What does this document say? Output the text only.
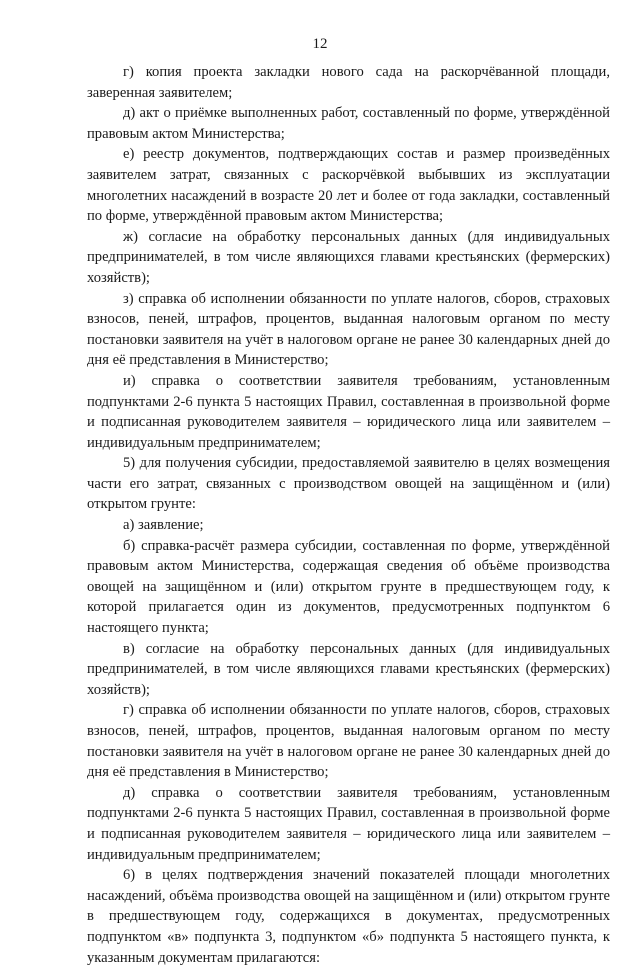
12

г) копия проекта закладки нового сада на раскорчёванной площади, заверенная заявителем;

д) акт о приёмке выполненных работ, составленный по форме, утверждённой правовым актом Министерства;

е) реестр документов, подтверждающих состав и размер произведённых заявителем затрат, связанных с раскорчёвкой выбывших из эксплуатации многолетних насаждений в возрасте 20 лет и более от года закладки, составленный по форме, утверждённой правовым актом Министерства;

ж) согласие на обработку персональных данных (для индивидуальных предпринимателей, в том числе являющихся главами крестьянских (фермерских) хозяйств);

з) справка об исполнении обязанности по уплате налогов, сборов, страховых взносов, пеней, штрафов, процентов, выданная налоговым органом по месту постановки заявителя на учёт в налоговом органе не ранее 30 календарных дней до дня её представления в Министерство;

и) справка о соответствии заявителя требованиям, установленным подпунктами 2-6 пункта 5 настоящих Правил, составленная в произвольной форме и подписанная руководителем заявителя – юридического лица или заявителем – индивидуальным предпринимателем;

5) для получения субсидии, предоставляемой заявителю в целях возмещения части его затрат, связанных с производством овощей на защищённом и (или) открытом грунте:

а) заявление;

б) справка-расчёт размера субсидии, составленная по форме, утверждённой правовым актом Министерства, содержащая сведения об объёме производства овощей на защищённом и (или) открытом грунте в предшествующем году, к которой прилагается один из документов, предусмотренных подпунктом 6 настоящего пункта;

в) согласие на обработку персональных данных (для индивидуальных предпринимателей, в том числе являющихся главами крестьянских (фермерских) хозяйств);

г) справка об исполнении обязанности по уплате налогов, сборов, страховых взносов, пеней, штрафов, процентов, выданная налоговым органом по месту постановки заявителя на учёт в налоговом органе не ранее 30 календарных дней до дня её представления в Министерство;

д) справка о соответствии заявителя требованиям, установленным подпунктами 2-6 пункта 5 настоящих Правил, составленная в произвольной форме и подписанная руководителем заявителя – юридического лица или заявителем – индивидуальным предпринимателем;

6) в целях подтверждения значений показателей площади многолетних насаждений, объёма производства овощей на защищённом и (или) открытом грунте в предшествующем году, содержащихся в документах, предусмотренных подпунктом «в» подпункта 3, подпунктом «б» подпункта 5 настоящего пункта, к указанным документам прилагаются:
